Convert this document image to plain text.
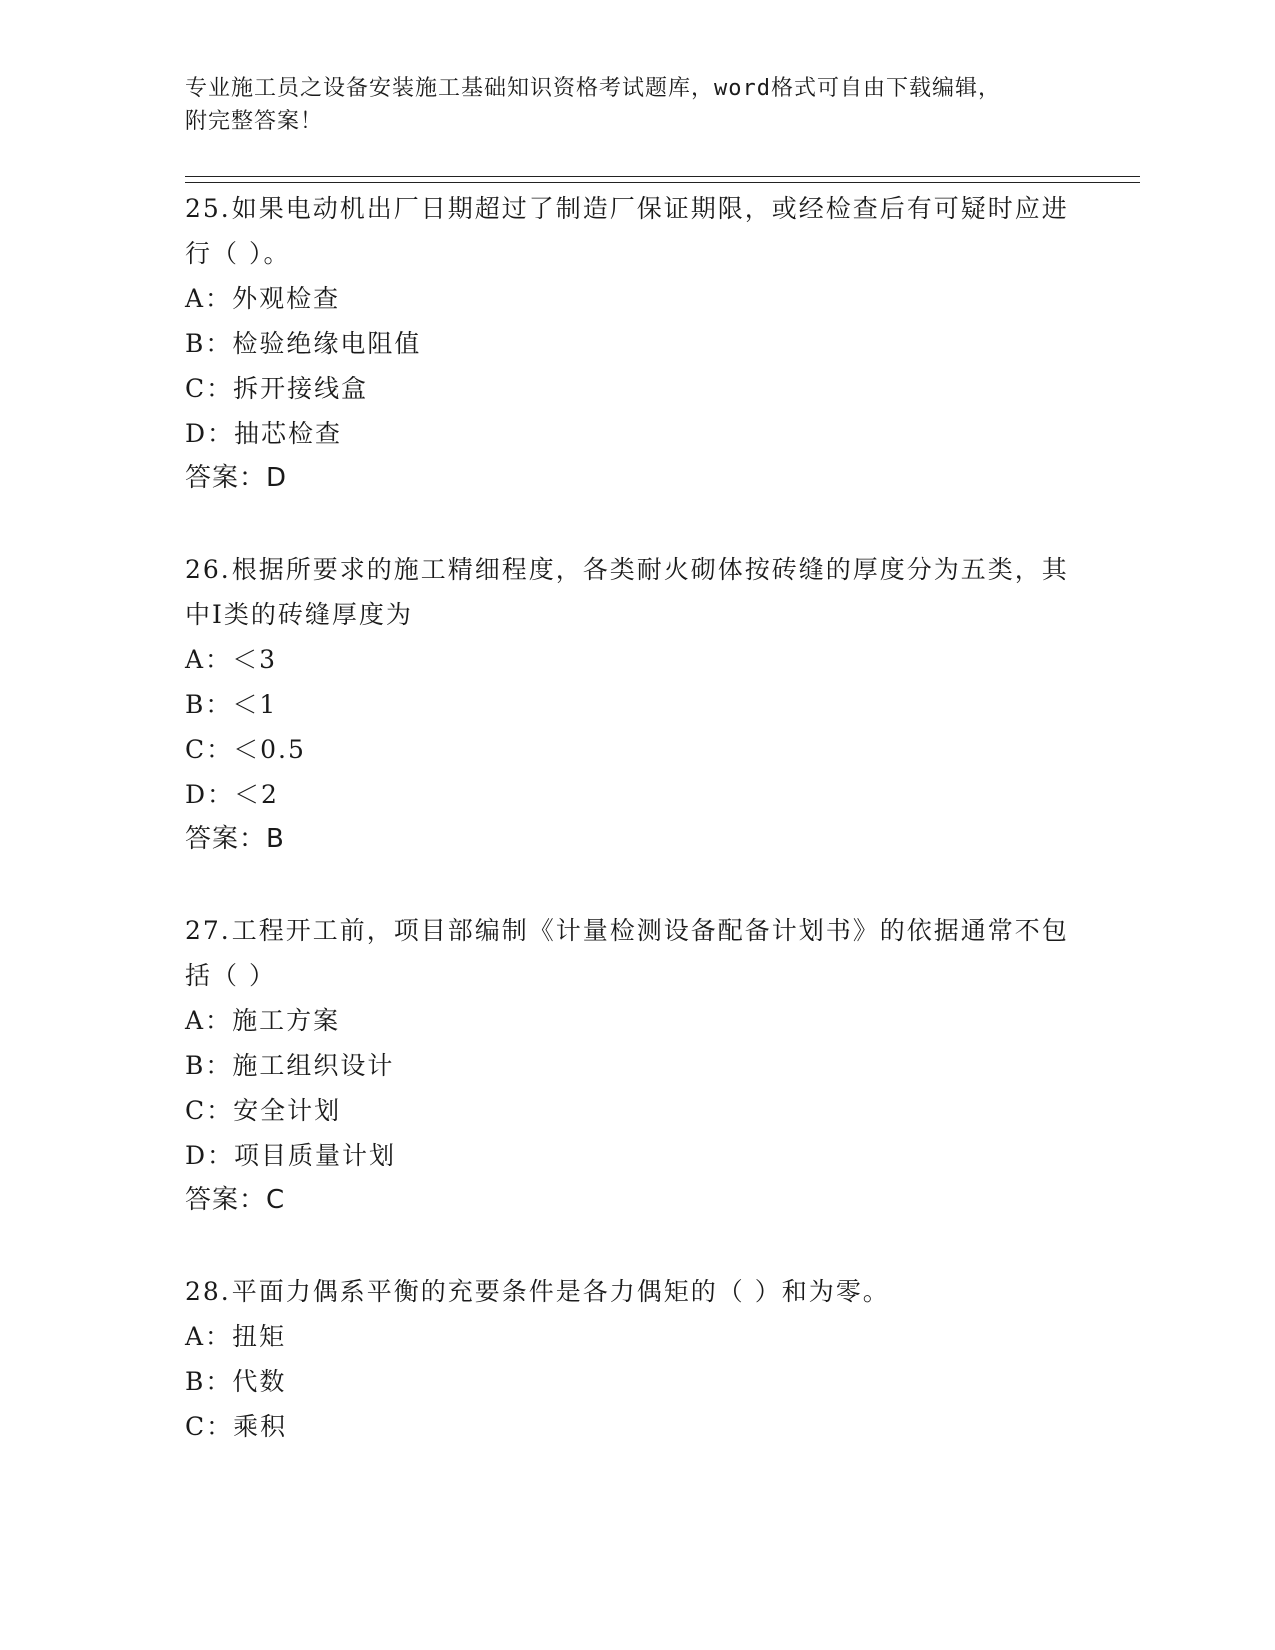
专业施工员之设备安装施工基础知识资格考试题库，word格式可自由下载编辑，
附完整答案！
25.如果电动机出厂日期超过了制造厂保证期限，或经检查后有可疑时应进行（ ）。
A：外观检查
B：检验绝缘电阻值
C：拆开接线盒
D：抽芯检查
答案：D
26.根据所要求的施工精细程度，各类耐火砌体按砖缝的厚度分为五类，其中Ⅰ类的砖缝厚度为
A：＜3
B：＜1
C：＜0.5
D：＜2
答案：B
27.工程开工前，项目部编制《计量检测设备配备计划书》的依据通常不包括（ ）
A：施工方案
B：施工组织设计
C：安全计划
D：项目质量计划
答案：C
28.平面力偶系平衡的充要条件是各力偶矩的（ ）和为零。
A：扭矩
B：代数
C：乘积
